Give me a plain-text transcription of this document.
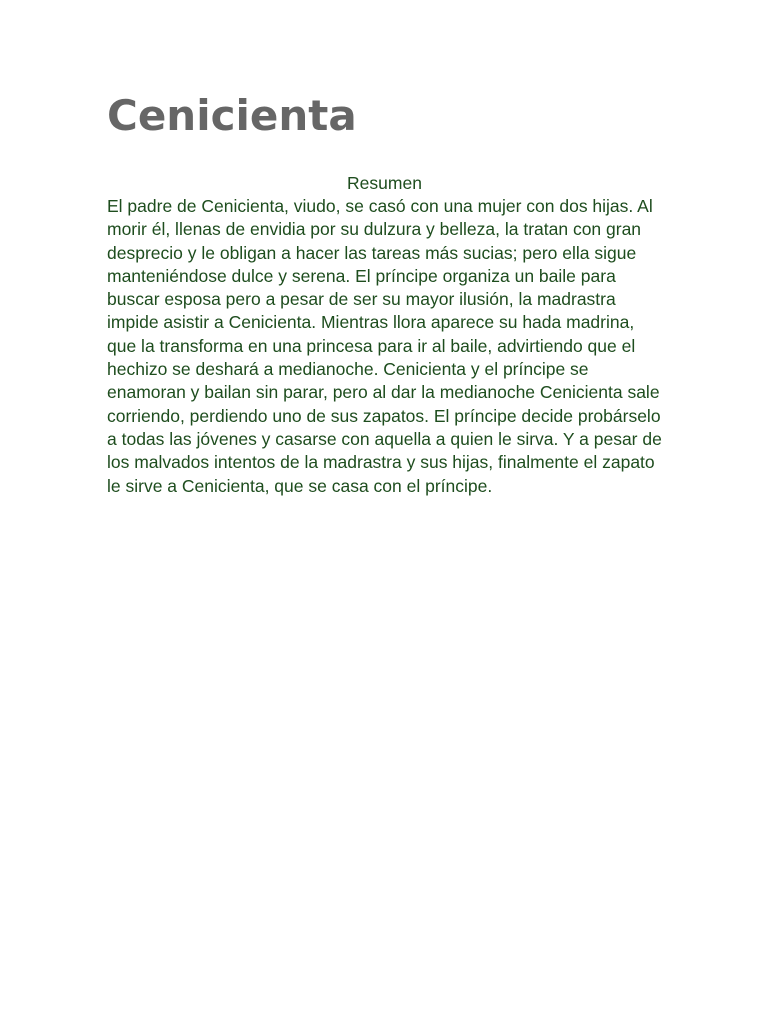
Cenicienta

Resumen

El padre de Cenicienta, viudo, se casó con una mujer con dos hijas. Al morir él, llenas de envidia por su dulzura y belleza, la tratan con gran desprecio y le obligan a hacer las tareas más sucias; pero ella sigue manteniéndose dulce y serena. El príncipe organiza un baile para buscar esposa pero a pesar de ser su mayor ilusión, la madrastra impide asistir a Cenicienta. Mientras llora aparece su hada madrina, que la transforma en una princesa para ir al baile, advirtiendo que el hechizo se deshará a medianoche. Cenicienta y el príncipe se enamoran y bailan sin parar, pero al dar la medianoche Cenicienta sale corriendo, perdiendo uno de sus zapatos. El príncipe decide probárselo a todas las jóvenes y casarse con aquella a quien le sirva. Y a pesar de los malvados intentos de la madrastra y sus hijas, finalmente el zapato le sirve a Cenicienta, que se casa con el príncipe.
